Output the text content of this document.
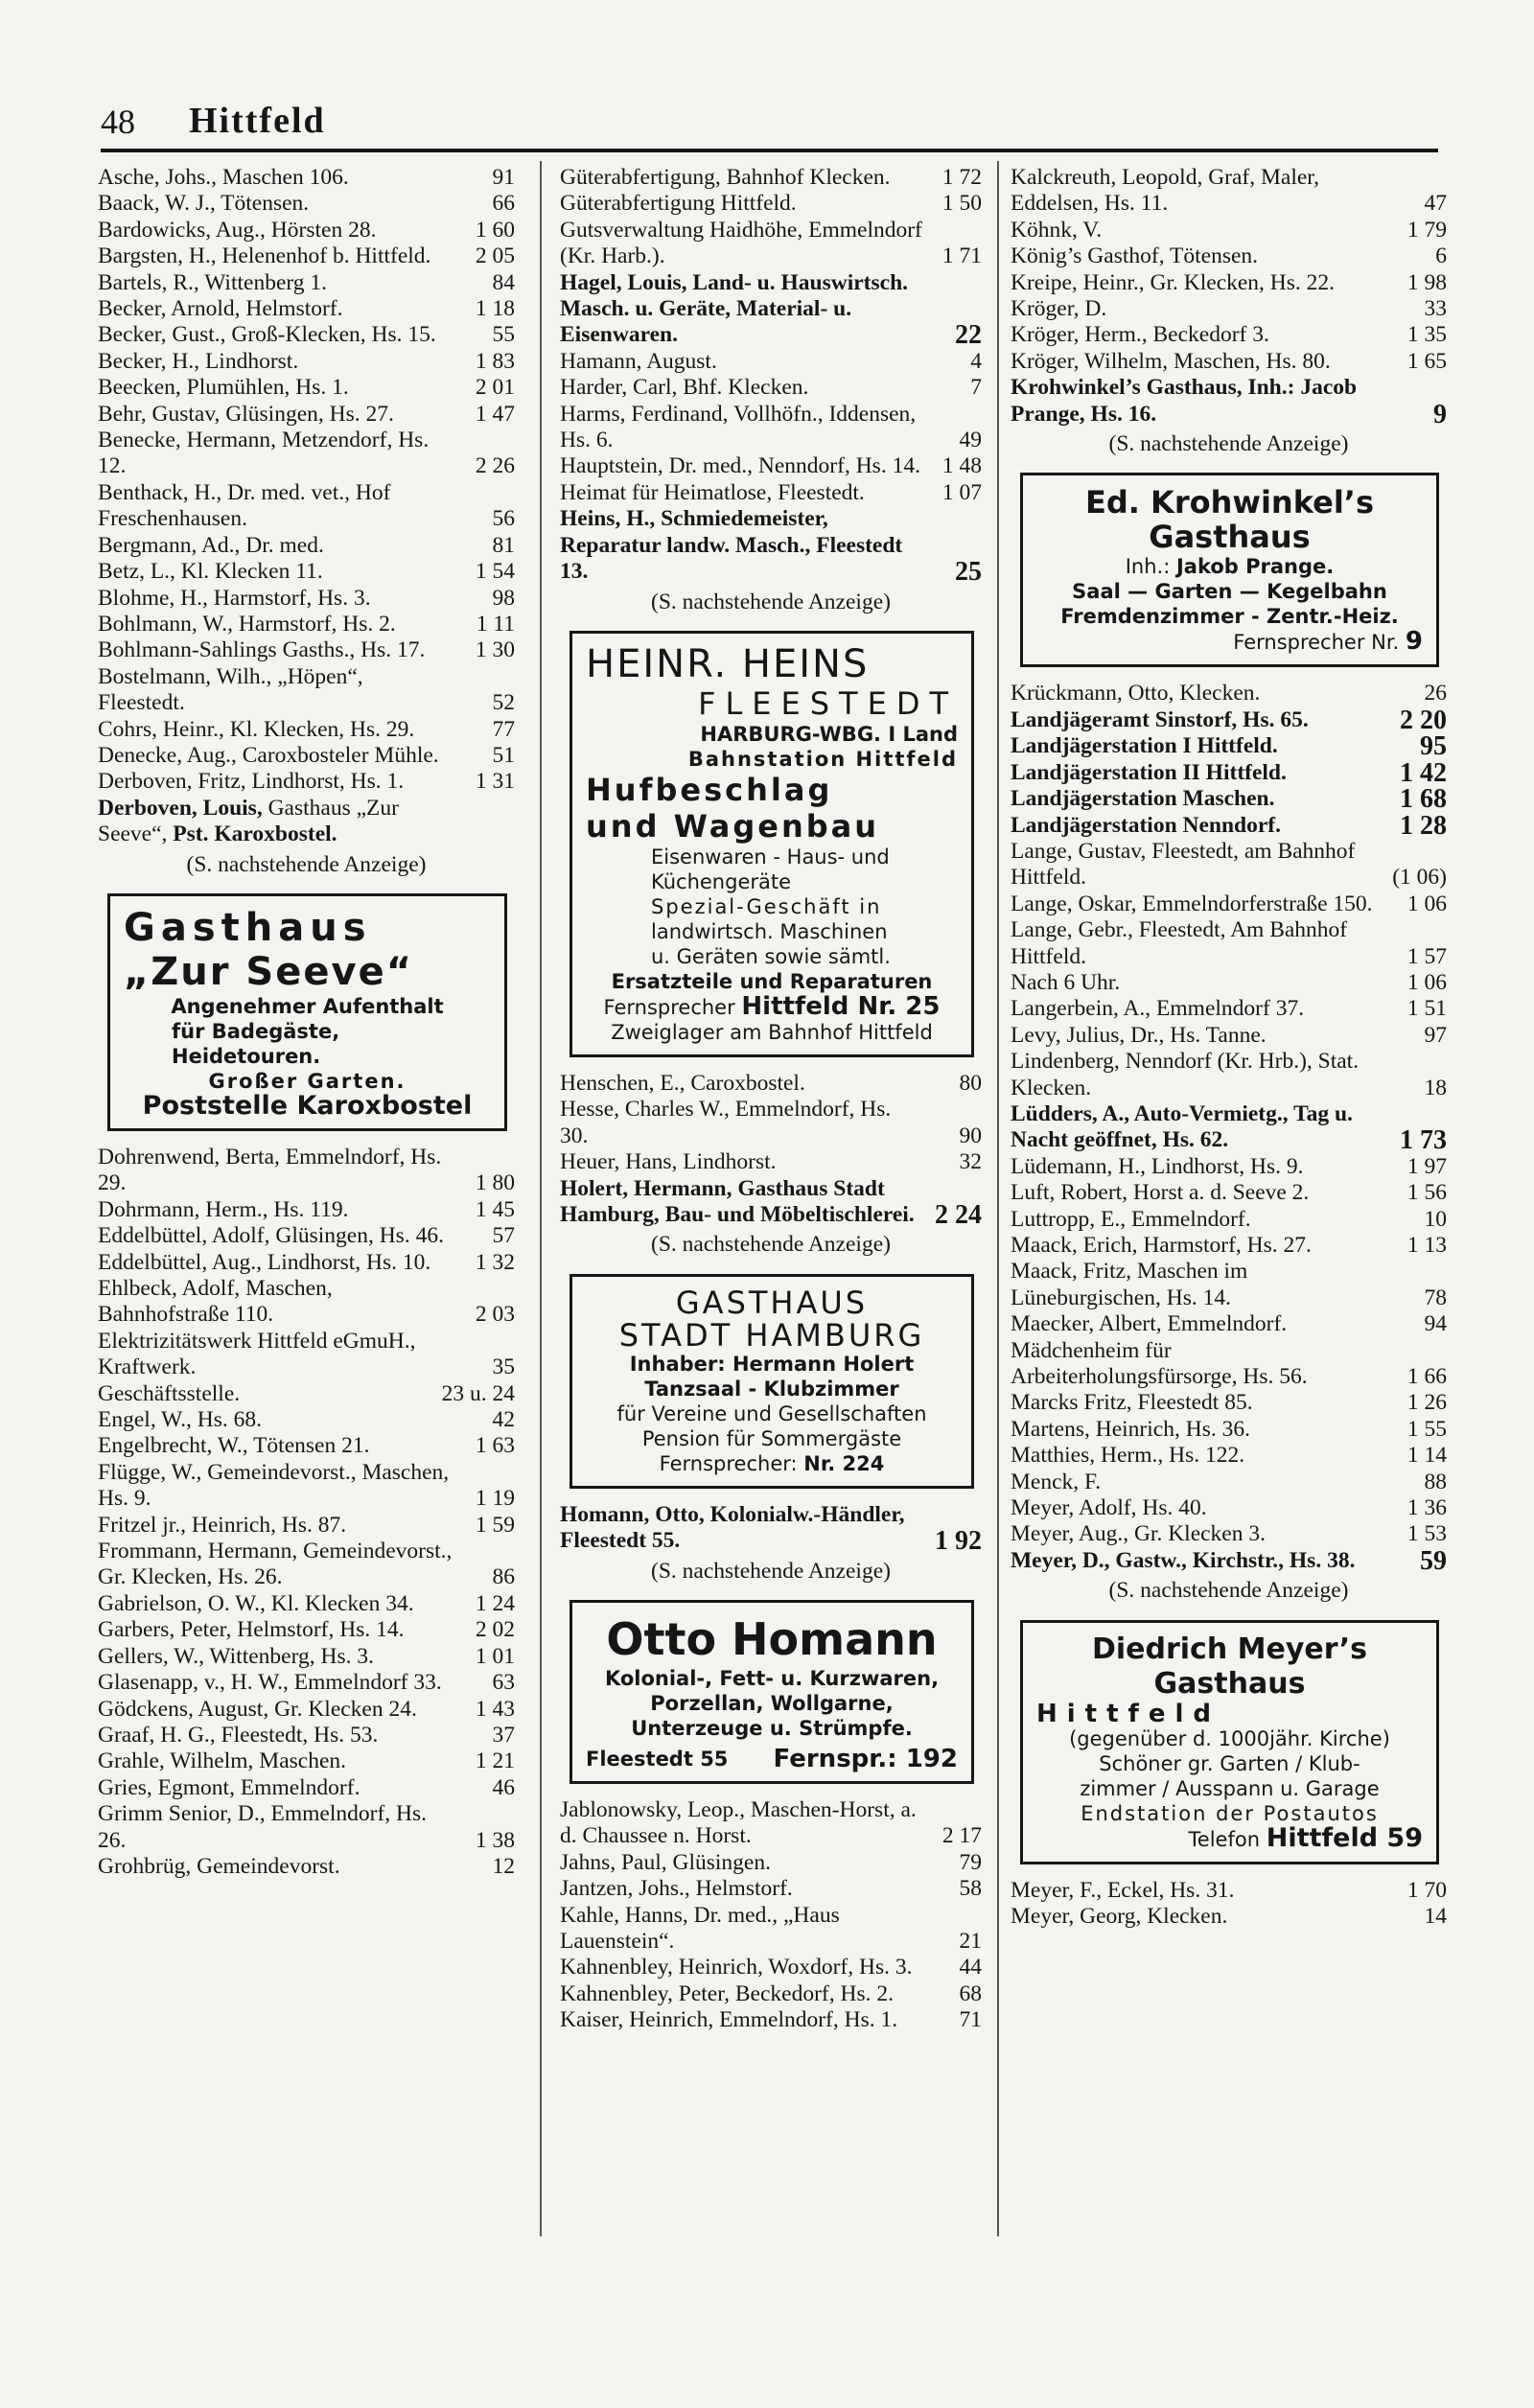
48 Hittfeld
Asche, Johs., Maschen 106.	91
Baack, W. J., Tötensen.	66
Bardowicks, Aug., Hörsten 28.	1 60
Bargsten, H., Helenenhof b. Hittfeld.	2 05
Bartels, R., Wittenberg 1.	84
Becker, Arnold, Helmstorf.	1 18
Becker, Gust., Groß-Klecken, Hs. 15.	55
Becker, H., Lindhorst.	1 83
Beecken, Plumühlen, Hs. 1.	2 01
Behr, Gustav, Glüsingen, Hs. 27.	1 47
Benecke, Hermann, Metzendorf, Hs. 12.	2 26
Benthack, H., Dr. med. vet., Hof Freschenhausen.	56
Bergmann, Ad., Dr. med.	81
Betz, L., Kl. Klecken 11.	1 54
Blohme, H., Harmstorf, Hs. 3.	98
Bohlmann, W., Harmstorf, Hs. 2.	1 11
Bohlmann-Sahlings Gasths., Hs. 17.	1 30
Bostelmann, Wilh., „Höpen“, Fleestedt.	52
Cohrs, Heinr., Kl. Klecken, Hs. 29.	77
Denecke, Aug., Caroxbosteler Mühle.	51
Derboven, Fritz, Lindhorst, Hs. 1.	1 31
Derboven, Louis, Gasthaus „Zur Seeve“, Pst. Karoxbostel.
(S. nachstehende Anzeige)
Gasthaus
„Zur Seeve“
Angenehmer Aufenthalt
für Badegäste,
Heidetouren.
Großer Garten.
Poststelle Karoxbostel
Dohrenwend, Berta, Emmelndorf, Hs. 29.	1 80
Dohrmann, Herm., Hs. 119.	1 45
Eddelbüttel, Adolf, Glüsingen, Hs. 46.	57
Eddelbüttel, Aug., Lindhorst, Hs. 10.	1 32
Ehlbeck, Adolf, Maschen, Bahnhofstraße 110.	2 03
Elektrizitätswerk Hittfeld eGmuH., Kraftwerk.	35
Geschäftsstelle.	23 u. 24
Engel, W., Hs. 68.	42
Engelbrecht, W., Tötensen 21.	1 63
Flügge, W., Gemeindevorst., Maschen, Hs. 9.	1 19
Fritzel jr., Heinrich, Hs. 87.	1 59
Frommann, Hermann, Gemeindevorst., Gr. Klecken, Hs. 26.	86
Gabrielson, O. W., Kl. Klecken 34.	1 24
Garbers, Peter, Helmstorf, Hs. 14.	2 02
Gellers, W., Wittenberg, Hs. 3.	1 01
Glasenapp, v., H. W., Emmelndorf 33.	63
Gödckens, August, Gr. Klecken 24.	1 43
Graaf, H. G., Fleestedt, Hs. 53.	37
Grahle, Wilhelm, Maschen.	1 21
Gries, Egmont, Emmelndorf.	46
Grimm Senior, D., Emmelndorf, Hs. 26.	1 38
Grohbrüg, Gemeindevorst.	12
Güterabfertigung, Bahnhof Klecken.	1 72
Güterabfertigung Hittfeld.	1 50
Gutsverwaltung Haidhöhe, Emmelndorf (Kr. Harb.).	1 71
Hagel, Louis, Land- u. Hauswirtsch. Masch. u. Geräte, Material- u. Eisenwaren.	22
Hamann, August.	4
Harder, Carl, Bhf. Klecken.	7
Harms, Ferdinand, Vollhöfn., Iddensen, Hs. 6.	49
Hauptstein, Dr. med., Nenndorf, Hs. 14. 1 48
Heimat für Heimatlose, Fleestedt.	1 07
Heins, H., Schmiedemeister, Reparatur landw. Masch., Fleestedt 13.	25
(S. nachstehende Anzeige)
HEINR. HEINS
FLEESTEDT
HARBURG-WBG. I Land
Bahnstation Hittfeld
Hufbeschlag
und Wagenbau
Eisenwaren - Haus- und
Küchengeräte
Spezial-Geschäft in
landwirtsch. Maschinen
u. Geräten sowie sämtl.
Ersatzteile und Reparaturen
Fernsprecher Hittfeld Nr. 25
Zweiglager am Bahnhof Hittfeld
Henschen, E., Caroxbostel.	80
Hesse, Charles W., Emmelndorf, Hs. 30.	90
Heuer, Hans, Lindhorst.	32
Holert, Hermann, Gasthaus Stadt Hamburg, Bau- und Möbeltischlerei. 2 24
(S. nachstehende Anzeige)
GASTHAUS
STADT HAMBURG
Inhaber: Hermann Holert
Tanzsaal - Klubzimmer
für Vereine und Gesellschaften
Pension für Sommergäste
Fernsprecher: Nr. 224
Homann, Otto, Kolonialw.-Händler, Fleestedt 55.	1 92
(S. nachstehende Anzeige)
Otto Homann
Kolonial-, Fett- u. Kurzwaren,
Porzellan, Wollgarne,
Unterzeuge u. Strümpfe.
Fleestedt 55 Fernspr.: 192
Jablonowsky, Leop., Maschen-Horst, a. d. Chaussee n. Horst.	2 17
Jahns, Paul, Glüsingen.	79
Jantzen, Johs., Helmstorf.	58
Kahle, Hanns, Dr. med., „Haus Lauenstein“.	21
Kahnenbley, Heinrich, Woxdorf, Hs. 3.	44
Kahnenbley, Peter, Beckedorf, Hs. 2.	68
Kaiser, Heinrich, Emmelndorf, Hs. 1.	71
Kalckreuth, Leopold, Graf, Maler, Eddelsen, Hs. 11.	47
Köhnk, V.	1 79
König’s Gasthof, Tötensen.	6
Kreipe, Heinr., Gr. Klecken, Hs. 22.	1 98
Kröger, D.	33
Kröger, Herm., Beckedorf 3.	1 35
Kröger, Wilhelm, Maschen, Hs. 80.	1 65
Krohwinkel’s Gasthaus, Inh.: Jacob Prange, Hs. 16.	9
(S. nachstehende Anzeige)
Ed. Krohwinkel’s
Gasthaus
Inh.: Jakob Prange.
Saal — Garten — Kegelbahn
Fremdenzimmer - Zentr.-Heiz.
Fernsprecher Nr. 9
Krückmann, Otto, Klecken.	26
Landjägeramt Sinstorf, Hs. 65.	2 20
Landjägerstation I Hittfeld.	95
Landjägerstation II Hittfeld.	1 42
Landjägerstation Maschen.	1 68
Landjägerstation Nenndorf.	1 28
Lange, Gustav, Fleestedt, am Bahnhof Hittfeld.	(1 06)
Lange, Oskar, Emmelndorferstraße 150.	1 06
Lange, Gebr., Fleestedt, Am Bahnhof Hittfeld.	1 57
Nach 6 Uhr.	1 06
Langerbein, A., Emmelndorf 37.	1 51
Levy, Julius, Dr., Hs. Tanne.	97
Lindenberg, Nenndorf (Kr. Hrb.), Stat. Klecken.	18
Lüdders, A., Auto-Vermietg., Tag u. Nacht geöffnet, Hs. 62.	1 73
Lüdemann, H., Lindhorst, Hs. 9.	1 97
Luft, Robert, Horst a. d. Seeve 2.	1 56
Luttropp, E., Emmelndorf.	10
Maack, Erich, Harmstorf, Hs. 27.	1 13
Maack, Fritz, Maschen im Lüneburgischen, Hs. 14.	78
Maecker, Albert, Emmelndorf.	94
Mädchenheim für Arbeiterholungsfürsorge, Hs. 56.	1 66
Marcks Fritz, Fleestedt 85.	1 26
Martens, Heinrich, Hs. 36.	1 55
Matthies, Herm., Hs. 122.	1 14
Menck, F.	88
Meyer, Adolf, Hs. 40.	1 36
Meyer, Aug., Gr. Klecken 3.	1 53
Meyer, D., Gastw., Kirchstr., Hs. 38.	59
(S. nachstehende Anzeige)
Diedrich Meyer’s Gasthaus
Hittfeld
(gegenüber d. 1000jähr. Kirche)
Schöner gr. Garten / Klub-
zimmer / Ausspann u. Garage
Endstation der Postautos
Telefon Hittfeld 59
Meyer, F., Eckel, Hs. 31.	1 70
Meyer, Georg, Klecken.	14
